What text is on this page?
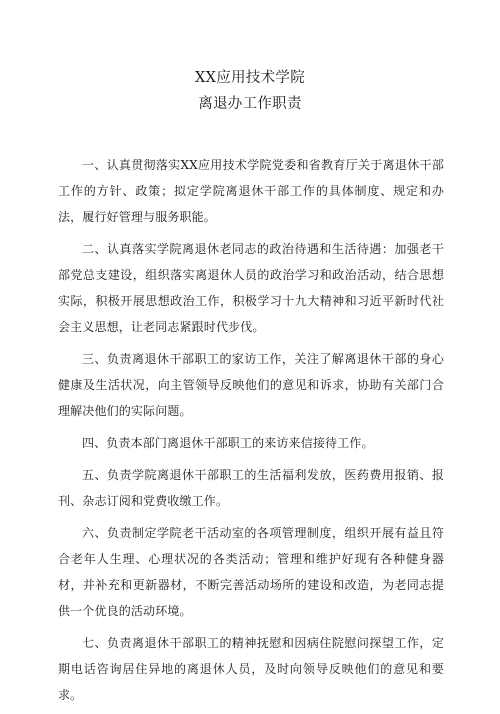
XX应用技术学院
离退办工作职责

一、认真贯彻落实XX应用技术学院党委和省教育厅关于离退休干部工作的方针、政策；拟定学院离退休干部工作的具体制度、规定和办法，履行好管理与服务职能。

二、认真落实学院离退休老同志的政治待遇和生活待遇：加强老干部党总支建设，组织落实离退休人员的政治学习和政治活动，结合思想实际，积极开展思想政治工作，积极学习十九大精神和习近平新时代社会主义思想，让老同志紧跟时代步伐。

三、负责离退休干部职工的家访工作，关注了解离退休干部的身心健康及生活状况，向主管领导反映他们的意见和诉求，协助有关部门合理解决他们的实际问题。

四、负责本部门离退休干部职工的来访来信接待工作。

五、负责学院离退休干部职工的生活福利发放，医药费用报销、报刊、杂志订阅和党费收缴工作。

六、负责制定学院老干活动室的各项管理制度，组织开展有益且符合老年人生理、心理状况的各类活动；管理和维护好现有各种健身器材，并补充和更新器材，不断完善活动场所的建设和改造，为老同志提供一个优良的活动环境。

七、负责离退休干部职工的精神抚慰和因病住院慰问探望工作，定期电话咨询居住异地的离退休人员，及时向领导反映他们的意见和要求。
